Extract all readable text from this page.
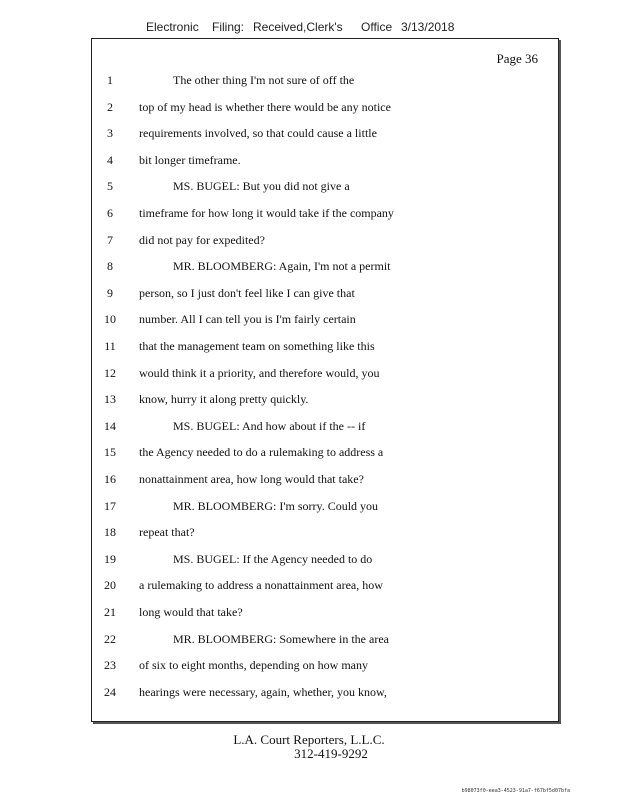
Electronic Filing: Received,Clerk's Office 3/13/2018
Page 36
1	The other thing I'm not sure of off the
2	top of my head is whether there would be any notice
3	requirements involved, so that could cause a little
4	bit longer timeframe.
5	MS. BUGEL: But you did not give a
6	timeframe for how long it would take if the company
7	did not pay for expedited?
8	MR. BLOOMBERG: Again, I'm not a permit
9	person, so I just don't feel like I can give that
10	number. All I can tell you is I'm fairly certain
11	that the management team on something like this
12	would think it a priority, and therefore would, you
13	know, hurry it along pretty quickly.
14	MS. BUGEL: And how about if the -- if
15	the Agency needed to do a rulemaking to address a
16	nonattainment area, how long would that take?
17	MR. BLOOMBERG: I'm sorry. Could you
18	repeat that?
19	MS. BUGEL: If the Agency needed to do
20	a rulemaking to address a nonattainment area, how
21	long would that take?
22	MR. BLOOMBERG: Somewhere in the area
23	of six to eight months, depending on how many
24	hearings were necessary, again, whether, you know,
L.A. Court Reporters, L.L.C.
312-419-9292
b98073f0-eea3-4523-91a7-f67bf5d07bfa
